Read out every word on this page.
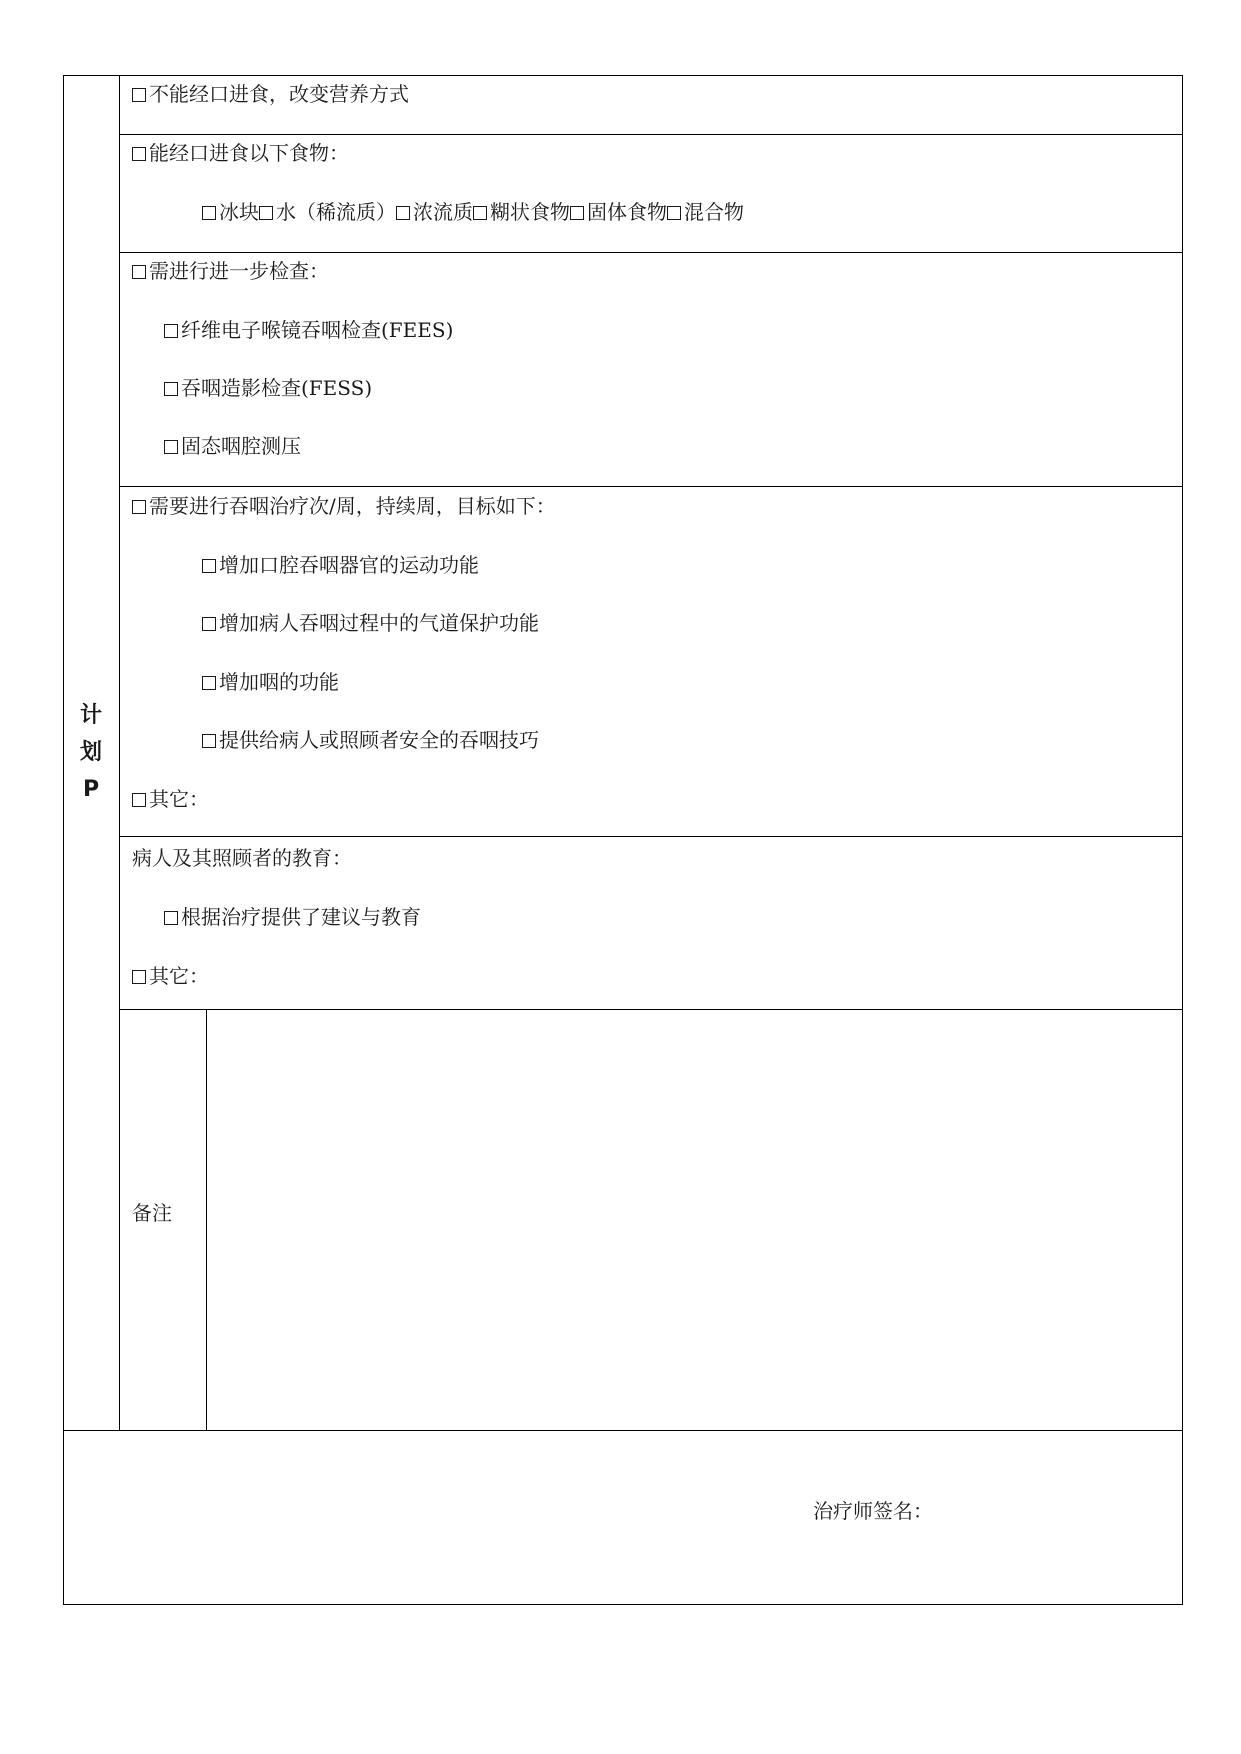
计划P
不能经口进食，改变营养方式
能经口进食以下食物：
冰块 水（稀流质） 浓流质 糊状食物 固体食物 混合物
需进行进一步检查：
纤维电子喉镜吞咽检查(FEES)
吞咽造影检查(FESS)
固态咽腔测压
需要进行吞咽治疗次/周，持续周，目标如下：
增加口腔吞咽器官的运动功能
增加病人吞咽过程中的气道保护功能
增加咽的功能
提供给病人或照顾者安全的吞咽技巧
其它：
病人及其照顾者的教育：
根据治疗提供了建议与教育
其它：
备注
治疗师签名：
